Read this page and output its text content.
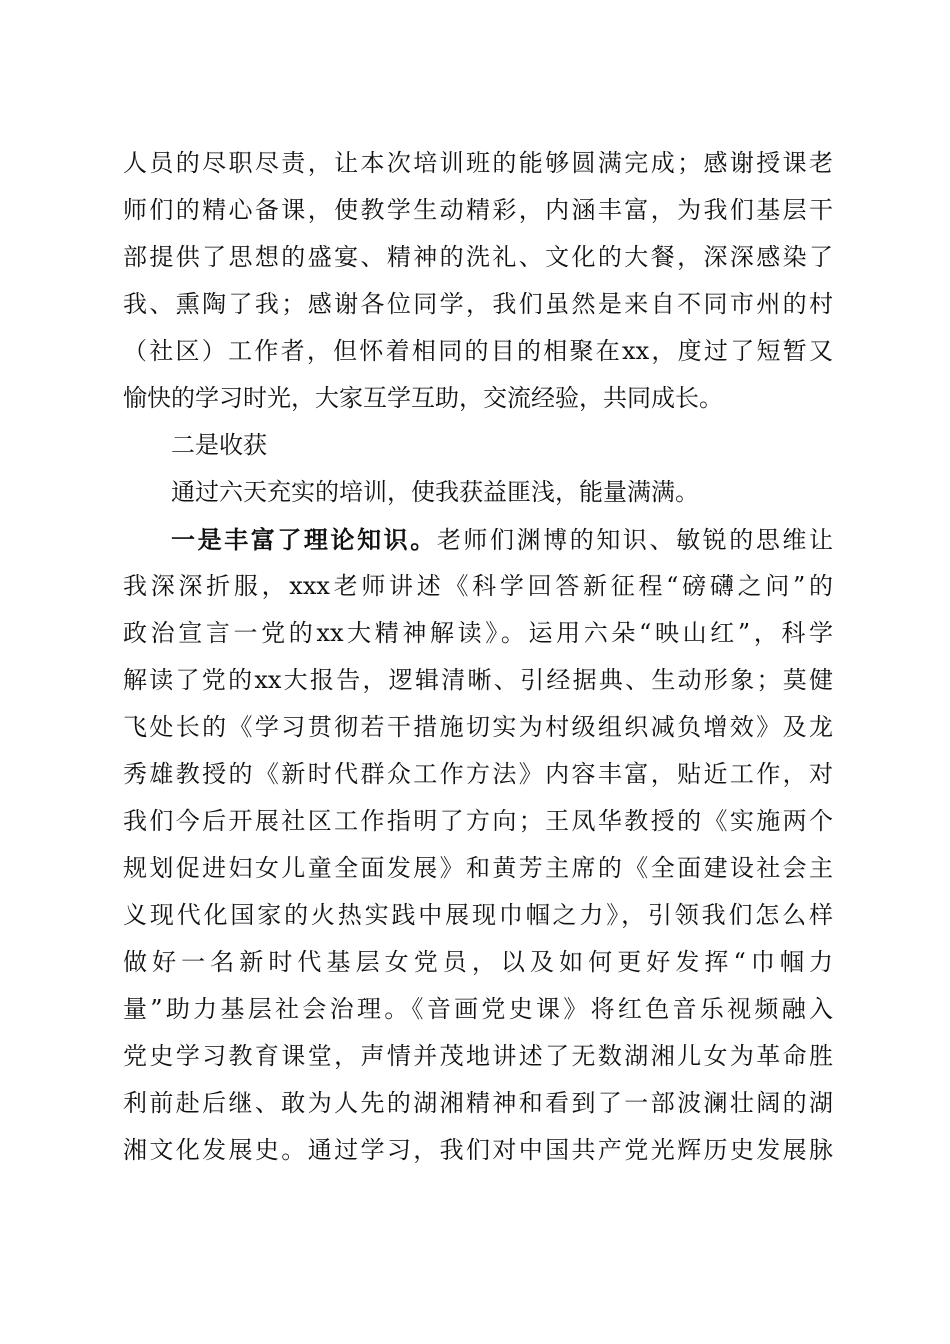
人员的尽职尽责，让本次培训班的能够圆满完成；感谢授课老
师们的精心备课，使教学生动精彩，内涵丰富，为我们基层干
部提供了思想的盛宴、精神的洗礼、文化的大餐，深深感染了
我、熏陶了我；感谢各位同学，我们虽然是来自不同市州的村
（社区）工作者，但怀着相同的目的相聚在xx，度过了短暂又
愉快的学习时光，大家互学互助，交流经验，共同成长。
二是收获
通过六天充实的培训，使我获益匪浅，能量满满。
一是丰富了理论知识。老师们渊博的知识、敏锐的思维让
我深深折服，xxx老师讲述《科学回答新征程“磅礴之问”的
政治宣言一党的xx大精神解读》。运用六朵“映山红”，科学
解读了党的xx大报告，逻辑清晰、引经据典、生动形象；莫健
飞处长的《学习贯彻若干措施切实为村级组织减负增效》及龙
秀雄教授的《新时代群众工作方法》内容丰富，贴近工作，对
我们今后开展社区工作指明了方向；王凤华教授的《实施两个
规划促进妇女儿童全面发展》和黄芳主席的《全面建设社会主
义现代化国家的火热实践中展现巾帼之力》，引领我们怎么样
做好一名新时代基层女党员，以及如何更好发挥“巾帼力
量”助力基层社会治理。《音画党史课》将红色音乐视频融入
党史学习教育课堂，声情并茂地讲述了无数湖湘儿女为革命胜
利前赴后继、敢为人先的湖湘精神和看到了一部波澜壮阔的湖
湘文化发展史。通过学习，我们对中国共产党光辉历史发展脉
